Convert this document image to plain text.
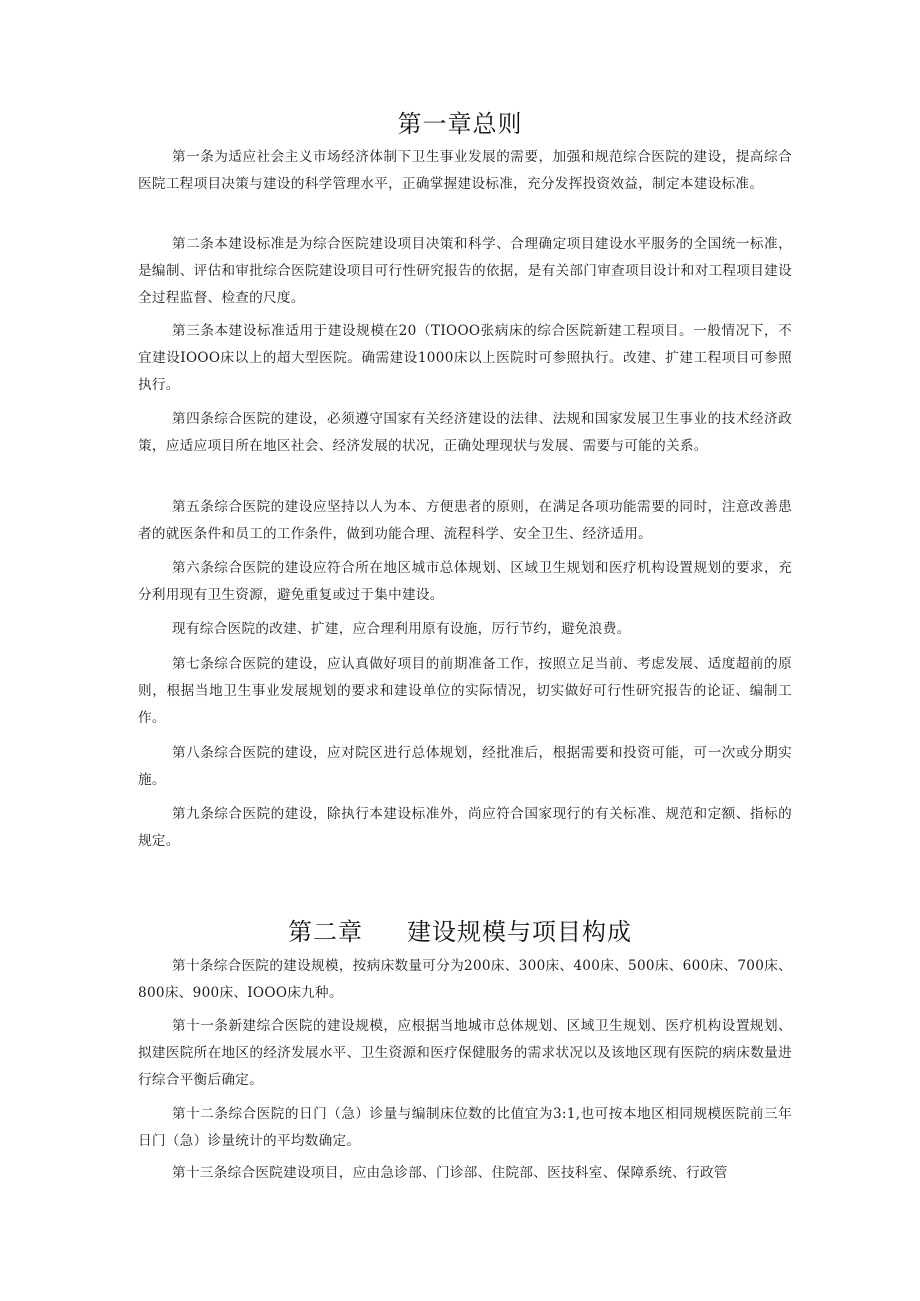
第一章总则

第一条为适应社会主义市场经济体制下卫生事业发展的需要，加强和规范综合医院的建设，提高综合医院工程项目决策与建设的科学管理水平，正确掌握建设标准，充分发挥投资效益，制定本建设标准。

第二条本建设标准是为综合医院建设项目决策和科学、合理确定项目建设水平服务的全国统一标准，是编制、评估和审批综合医院建设项目可行性研究报告的依据，是有关部门审查项目设计和对工程项目建设全过程监督、检查的尺度。

第三条本建设标准适用于建设规模在20（TIOOO张病床的综合医院新建工程项目。一般情况下，不宜建设IOOO床以上的超大型医院。确需建设1000床以上医院时可参照执行。改建、扩建工程项目可参照执行。

第四条综合医院的建设，必须遵守国家有关经济建设的法律、法规和国家发展卫生事业的技术经济政策，应适应项目所在地区社会、经济发展的状况，正确处理现状与发展、需要与可能的关系。

第五条综合医院的建设应坚持以人为本、方便患者的原则，在满足各项功能需要的同时，注意改善患者的就医条件和员工的工作条件，做到功能合理、流程科学、安全卫生、经济适用。

第六条综合医院的建设应符合所在地区城市总体规划、区域卫生规划和医疗机构设置规划的要求，充分利用现有卫生资源，避免重复或过于集中建设。

现有综合医院的改建、扩建，应合理利用原有设施，厉行节约，避免浪费。

第七条综合医院的建设，应认真做好项目的前期准备工作，按照立足当前、考虑发展、适度超前的原则，根据当地卫生事业发展规划的要求和建设单位的实际情况，切实做好可行性研究报告的论证、编制工作。

第八条综合医院的建设，应对院区进行总体规划，经批准后，根据需要和投资可能，可一次或分期实施。

第九条综合医院的建设，除执行本建设标准外，尚应符合国家现行的有关标准、规范和定额、指标的规定。

第二章 建设规模与项目构成

第十条综合医院的建设规模，按病床数量可分为200床、300床、400床、500床、600床、700床、800床、900床、IOOO床九种。

第十一条新建综合医院的建设规模，应根据当地城市总体规划、区域卫生规划、医疗机构设置规划、拟建医院所在地区的经济发展水平、卫生资源和医疗保健服务的需求状况以及该地区现有医院的病床数量进行综合平衡后确定。

第十二条综合医院的日门（急）诊量与编制床位数的比值宜为3:1,也可按本地区相同规模医院前三年日门（急）诊量统计的平均数确定。

第十三条综合医院建设项目，应由急诊部、门诊部、住院部、医技科室、保障系统、行政管
